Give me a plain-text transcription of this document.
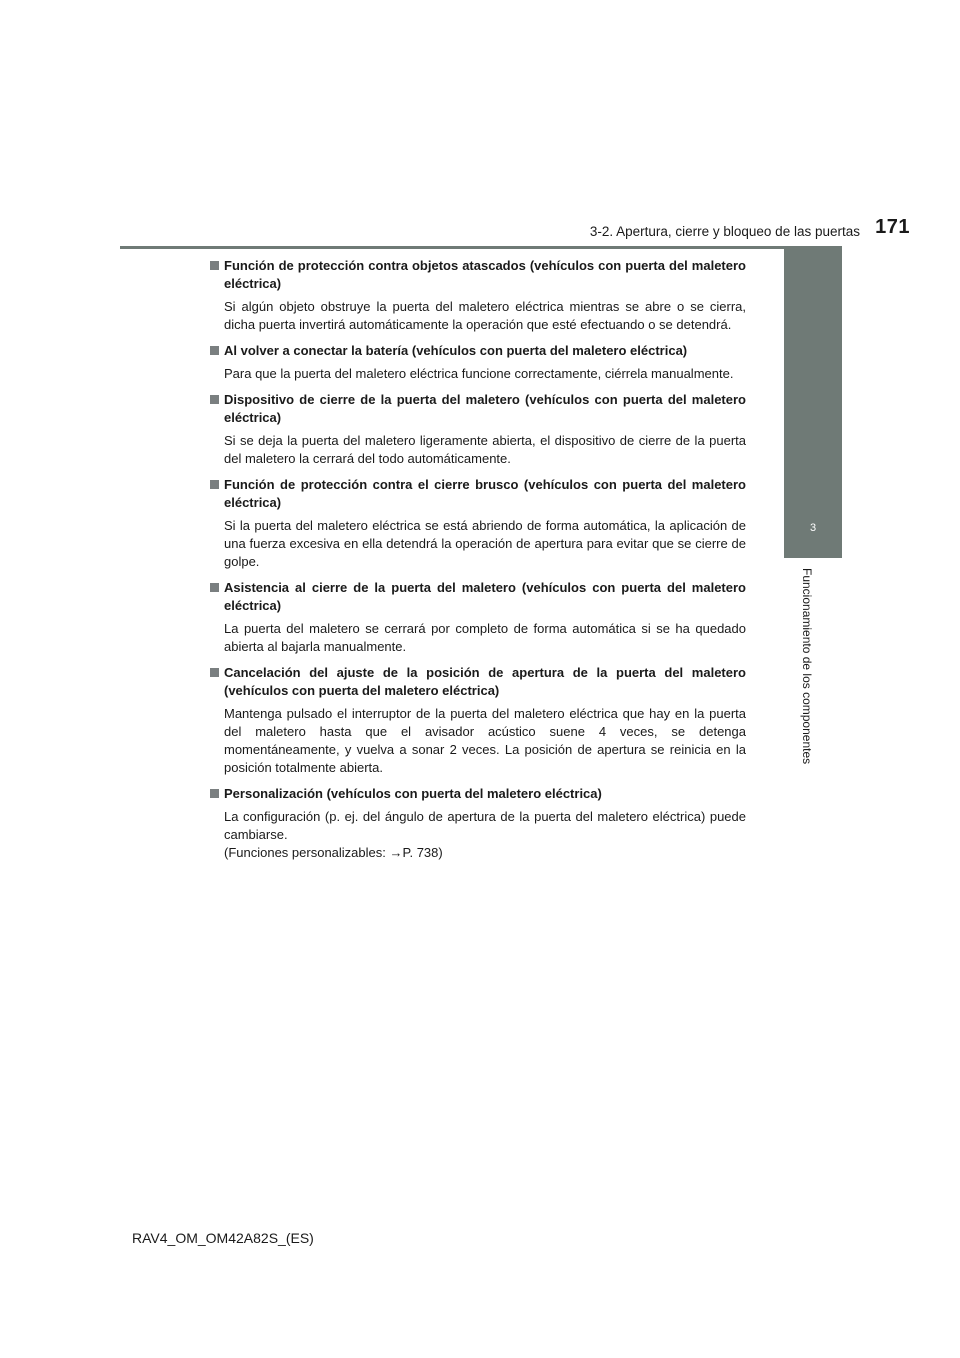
3-2. Apertura, cierre y bloqueo de las puertas 171
3
Funcionamiento de los componentes
Función de protección contra objetos atascados (vehículos con puerta del maletero eléctrica)
Si algún objeto obstruye la puerta del maletero eléctrica mientras se abre o se cierra, dicha puerta invertirá automáticamente la operación que esté efectuando o se detendrá.
Al volver a conectar la batería (vehículos con puerta del maletero eléctrica)
Para que la puerta del maletero eléctrica funcione correctamente, ciérrela manualmente.
Dispositivo de cierre de la puerta del maletero (vehículos con puerta del maletero eléctrica)
Si se deja la puerta del maletero ligeramente abierta, el dispositivo de cierre de la puerta del maletero la cerrará del todo automáticamente.
Función de protección contra el cierre brusco (vehículos con puerta del maletero eléctrica)
Si la puerta del maletero eléctrica se está abriendo de forma automática, la aplicación de una fuerza excesiva en ella detendrá la operación de apertura para evitar que se cierre de golpe.
Asistencia al cierre de la puerta del maletero (vehículos con puerta del maletero eléctrica)
La puerta del maletero se cerrará por completo de forma automática si se ha quedado abierta al bajarla manualmente.
Cancelación del ajuste de la posición de apertura de la puerta del maletero (vehículos con puerta del maletero eléctrica)
Mantenga pulsado el interruptor de la puerta del maletero eléctrica que hay en la puerta del maletero hasta que el avisador acústico suene 4 veces, se detenga momentáneamente, y vuelva a sonar 2 veces. La posición de apertura se reinicia en la posición totalmente abierta.
Personalización (vehículos con puerta del maletero eléctrica)
La configuración (p. ej. del ángulo de apertura de la puerta del maletero eléctrica) puede cambiarse.
(Funciones personalizables: →P. 738)
RAV4_OM_OM42A82S_(ES)
